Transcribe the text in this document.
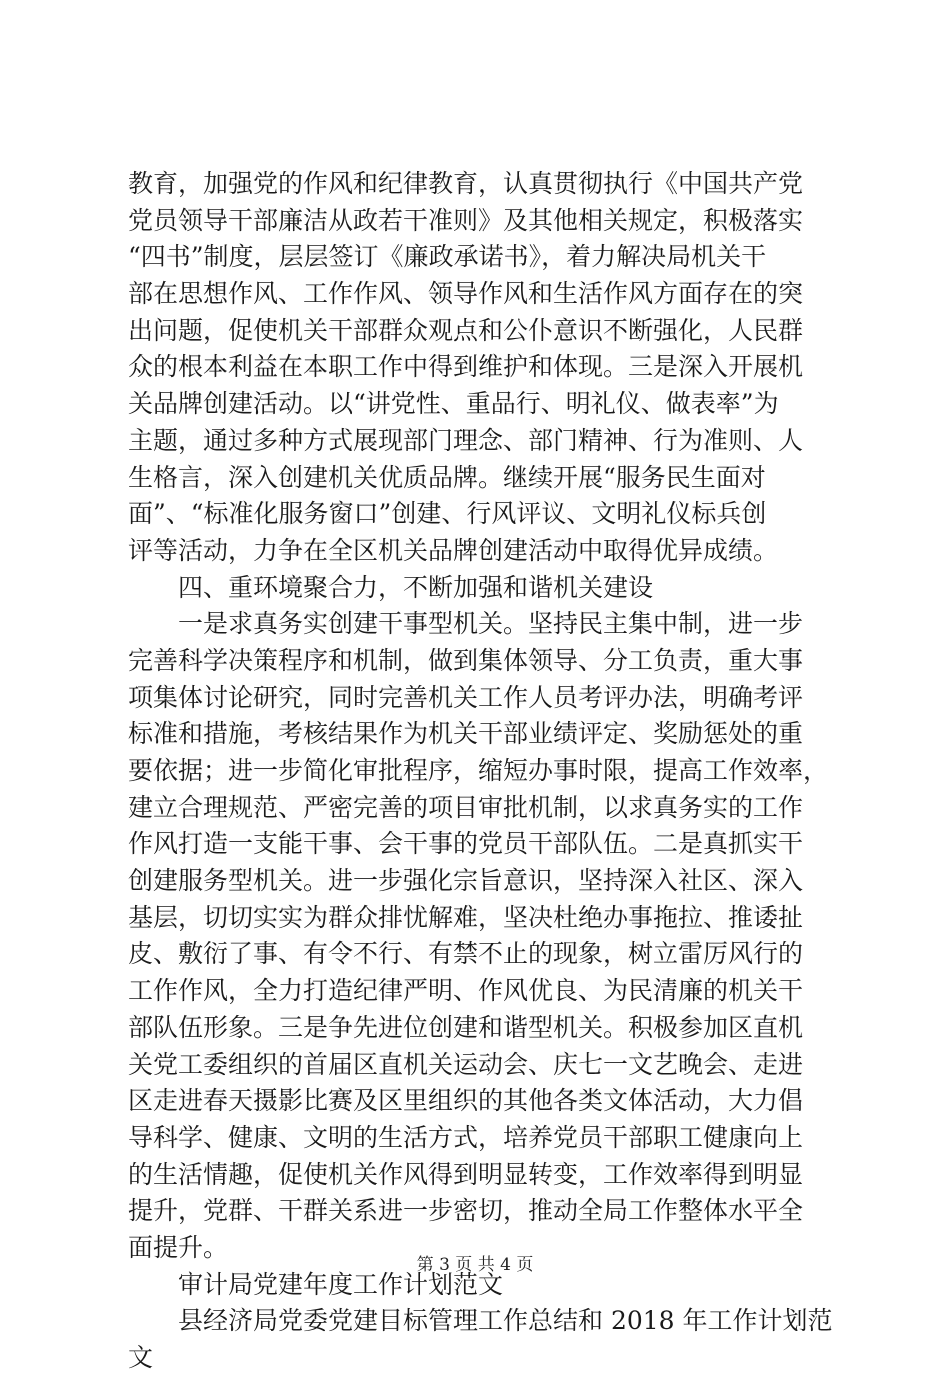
教育，加强党的作风和纪律教育，认真贯彻执行《中国共产党
党员领导干部廉洁从政若干准则》及其他相关规定，积极落实
“四书”制度，层层签订《廉政承诺书》，着力解决局机关干
部在思想作风、工作作风、领导作风和生活作风方面存在的突
出问题，促使机关干部群众观点和公仆意识不断强化，人民群
众的根本利益在本职工作中得到维护和体现。三是深入开展机
关品牌创建活动。以“讲党性、重品行、明礼仪、做表率”为
主题，通过多种方式展现部门理念、部门精神、行为准则、人
生格言，深入创建机关优质品牌。继续开展“服务民生面对
面”、“标准化服务窗口”创建、行风评议、文明礼仪标兵创
评等活动，力争在全区机关品牌创建活动中取得优异成绩。
四、重环境聚合力，不断加强和谐机关建设
一是求真务实创建干事型机关。坚持民主集中制，进一步
完善科学决策程序和机制，做到集体领导、分工负责，重大事
项集体讨论研究，同时完善机关工作人员考评办法，明确考评
标准和措施，考核结果作为机关干部业绩评定、奖励惩处的重
要依据；进一步简化审批程序，缩短办事时限，提高工作效率，
建立合理规范、严密完善的项目审批机制，以求真务实的工作
作风打造一支能干事、会干事的党员干部队伍。二是真抓实干
创建服务型机关。进一步强化宗旨意识，坚持深入社区、深入
基层，切切实实为群众排忧解难，坚决杜绝办事拖拉、推诿扯
皮、敷衍了事、有令不行、有禁不止的现象，树立雷厉风行的
工作作风，全力打造纪律严明、作风优良、为民清廉的机关干
部队伍形象。三是争先进位创建和谐型机关。积极参加区直机
关党工委组织的首届区直机关运动会、庆七一文艺晚会、走进
区走进春天摄影比赛及区里组织的其他各类文体活动，大力倡
导科学、健康、文明的生活方式，培养党员干部职工健康向上
的生活情趣，促使机关作风得到明显转变，工作效率得到明显
提升，党群、干群关系进一步密切，推动全局工作整体水平全
面提升。
审计局党建年度工作计划范文
县经济局党委党建目标管理工作总结和 2018 年工作计划范
文
第 3 页 共 4 页
